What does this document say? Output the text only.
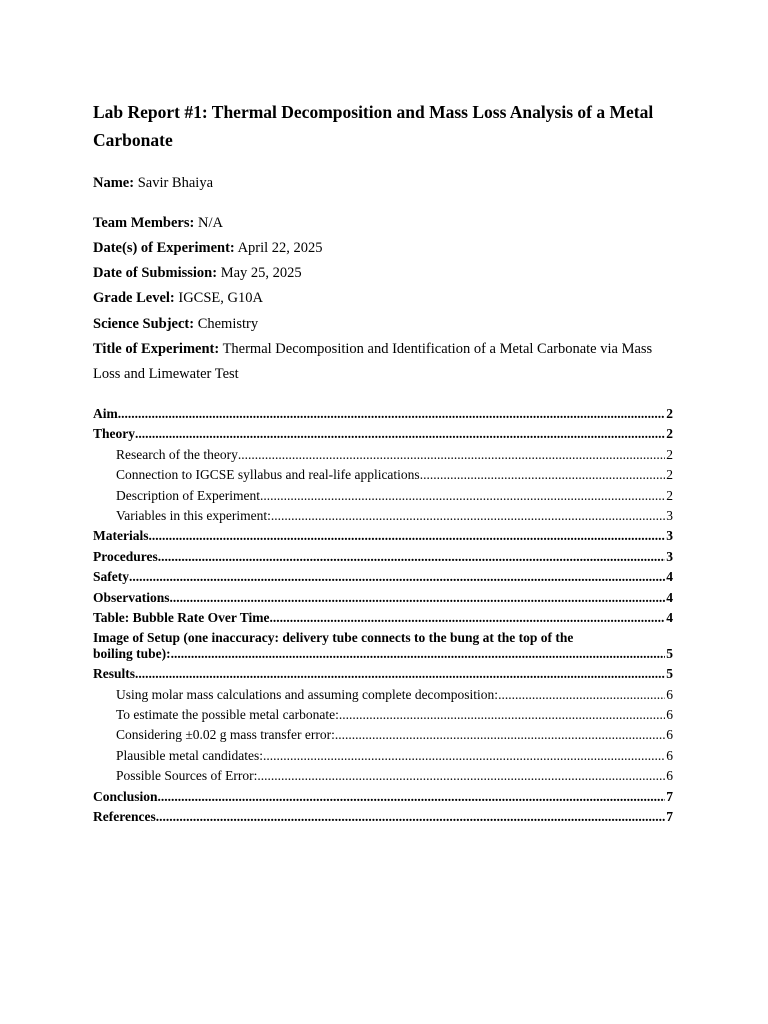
Lab Report #1: Thermal Decomposition and Mass Loss Analysis of a Metal Carbonate

Name: Savir Bhaiya

Team Members: N/A

Date(s) of Experiment: April 22, 2025

Date of Submission: May 25, 2025

Grade Level: IGCSE, G10A

Science Subject: Chemistry

Title of Experiment: Thermal Decomposition and Identification of a Metal Carbonate via Mass Loss and Limewater Test

Aim .....	2
Theory .....	2
Research of the theory .....	2
Connection to IGCSE syllabus and real-life applications .....	2
Description of Experiment .....	2
Variables in this experiment: .....	3
Materials .....	3
Procedures .....	3
Safety .....	4
Observations .....	4
Table: Bubble Rate Over Time .....	4
Image of Setup (one inaccuracy: delivery tube connects to the bung at the top of the
boiling tube): .....	5
Results .....	5
Using molar mass calculations and assuming complete decomposition: .....	6
To estimate the possible metal carbonate: .....	6
Considering ±0.02 g mass transfer error: .....	6
Plausible metal candidates: .....	6
Possible Sources of Error: .....	6
Conclusion .....	7
References .....	7
